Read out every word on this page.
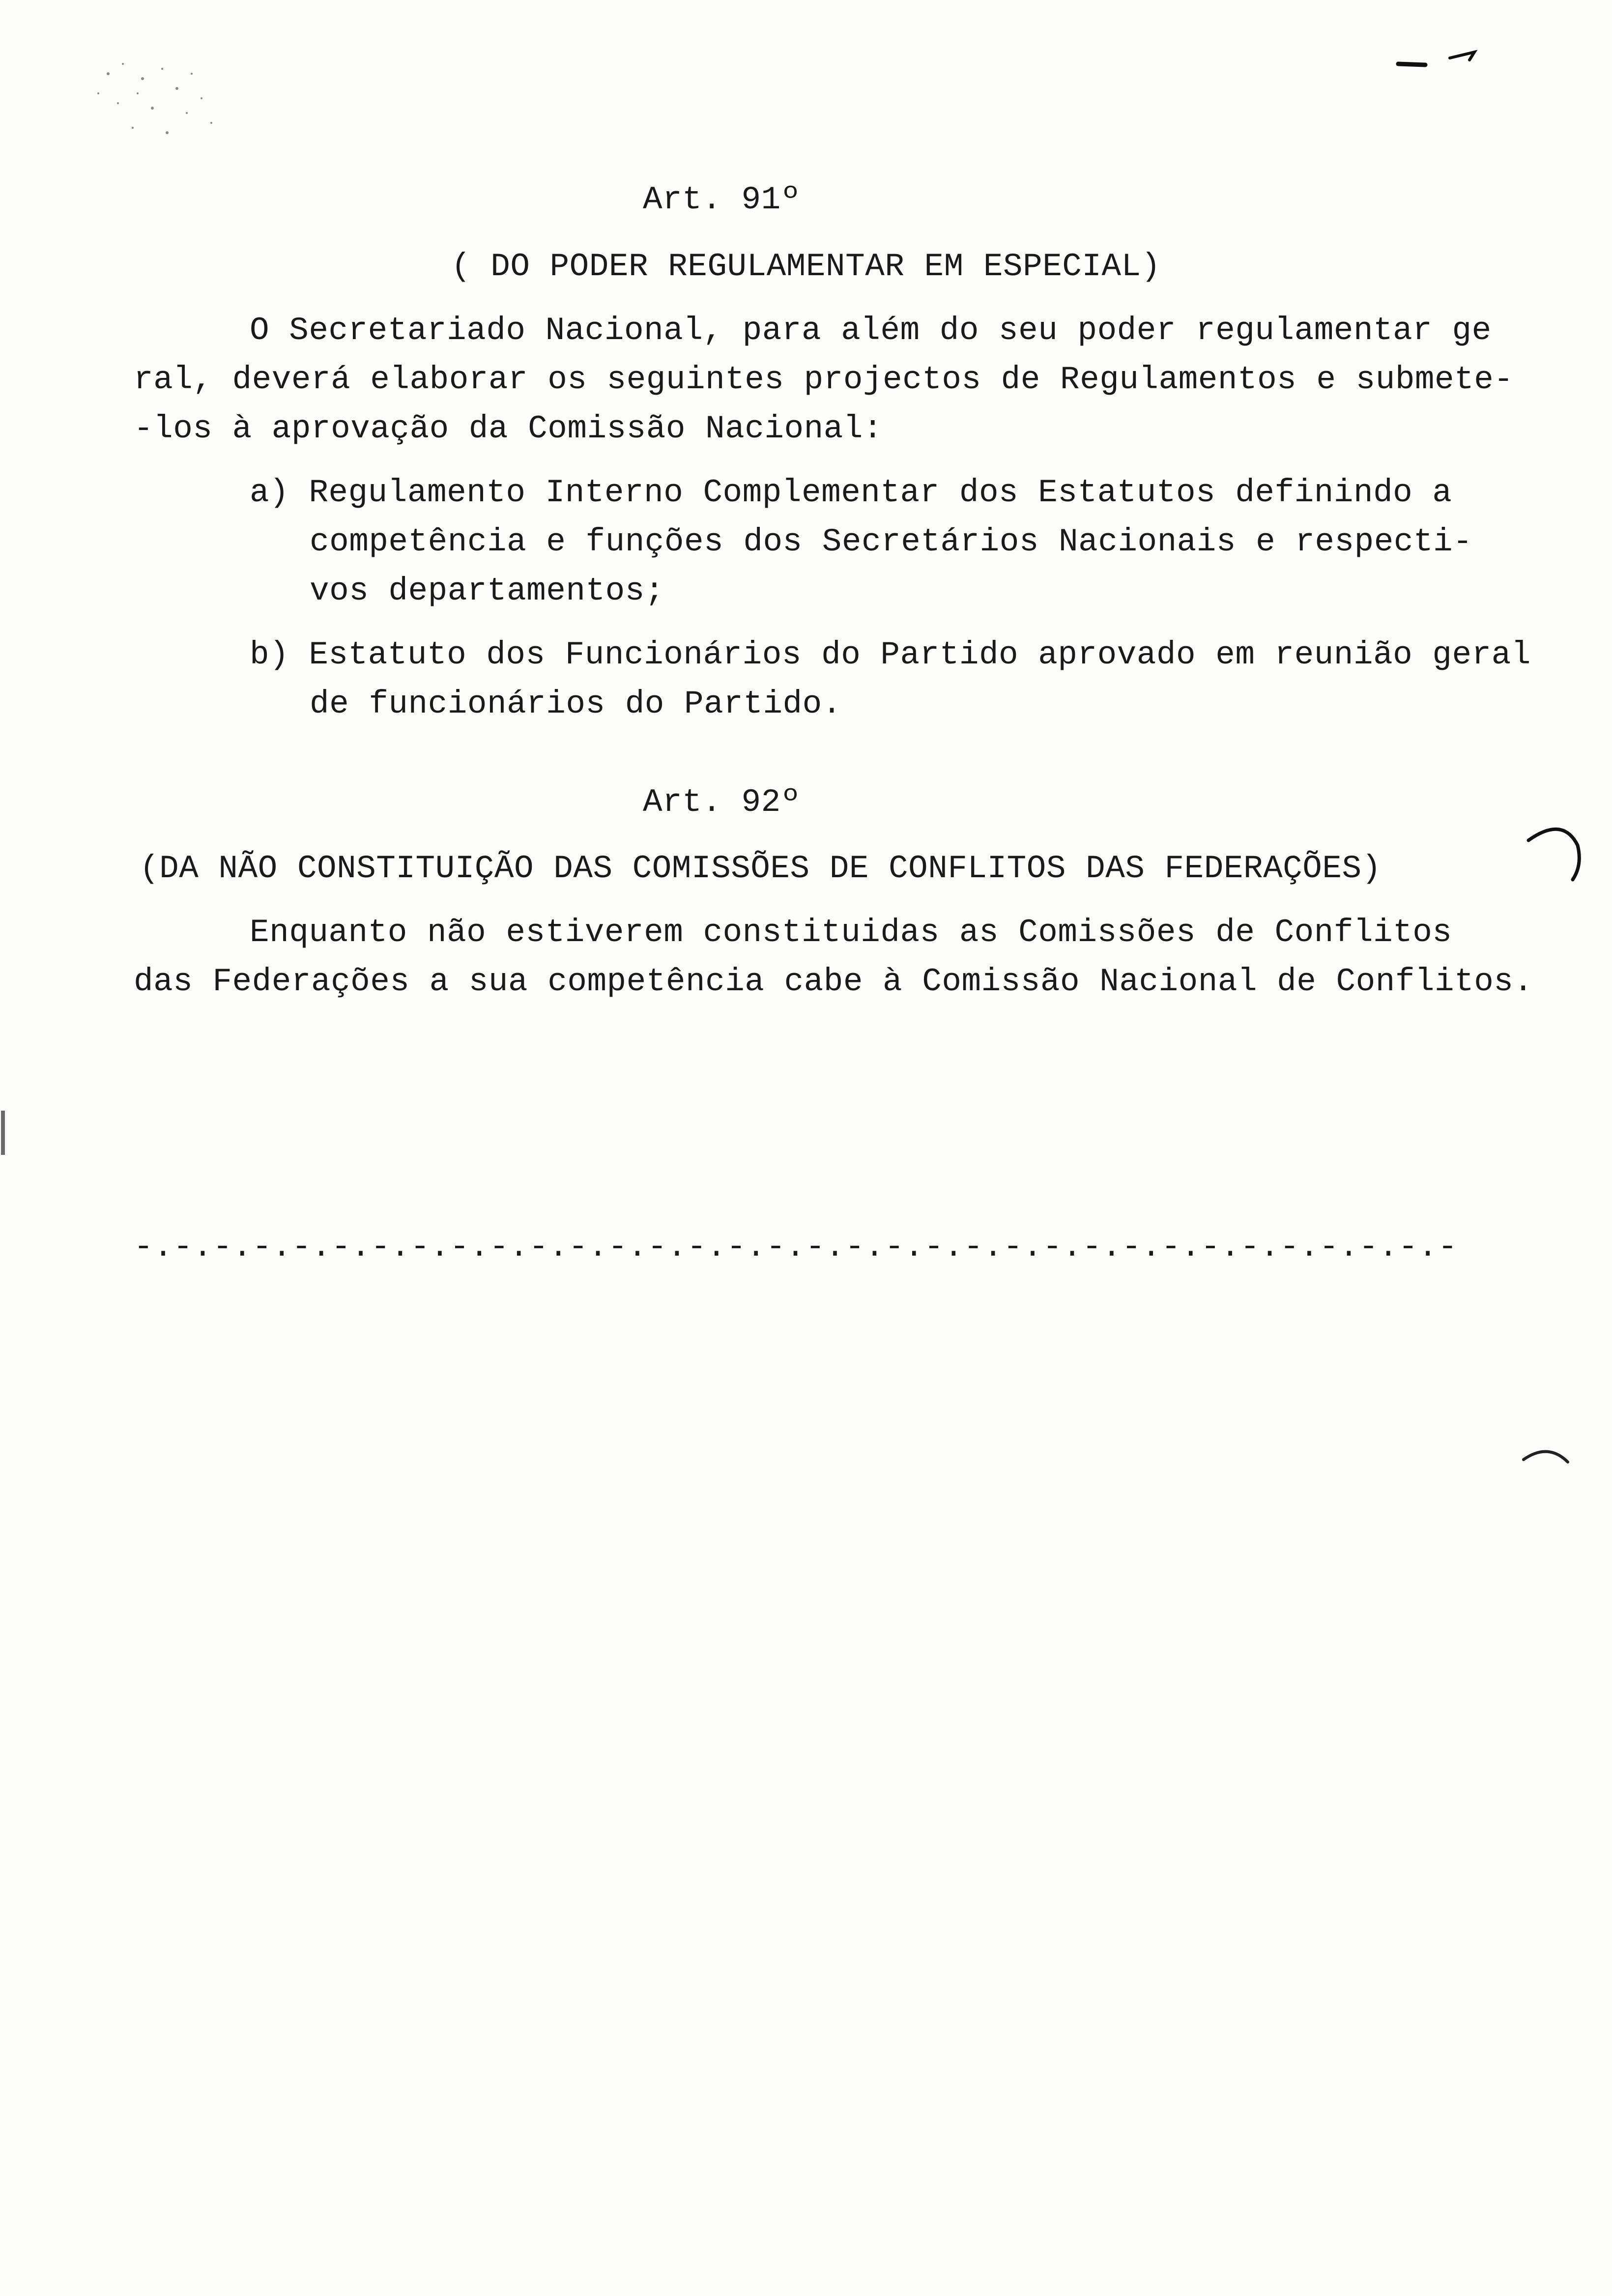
Art. 91º
( DO PODER REGULAMENTAR EM ESPECIAL)
O Secretariado Nacional, para além do seu poder regulamentar ge
ral, deverá elaborar os seguintes projectos de Regulamentos e submete-
-los à aprovação da Comissão Nacional:
a) Regulamento Interno Complementar dos Estatutos definindo a
competência e funções dos Secretários Nacionais e respecti-
vos departamentos;
b) Estatuto dos Funcionários do Partido aprovado em reunião geral
de funcionários do Partido.
Art. 92º
(DA NÃO CONSTITUIÇÃO DAS COMISSÕES DE CONFLITOS DAS FEDERAÇÕES)
Enquanto não estiverem constituidas as Comissões de Conflitos
das Federações a sua competência cabe à Comissão Nacional de Conflitos.
-.-.-.-.-.-.-.-.-.-.-.-.-.-.-.-.-.-.-.-.-.-.-.-.-.-.-.-.-.-.-.-.-.-
